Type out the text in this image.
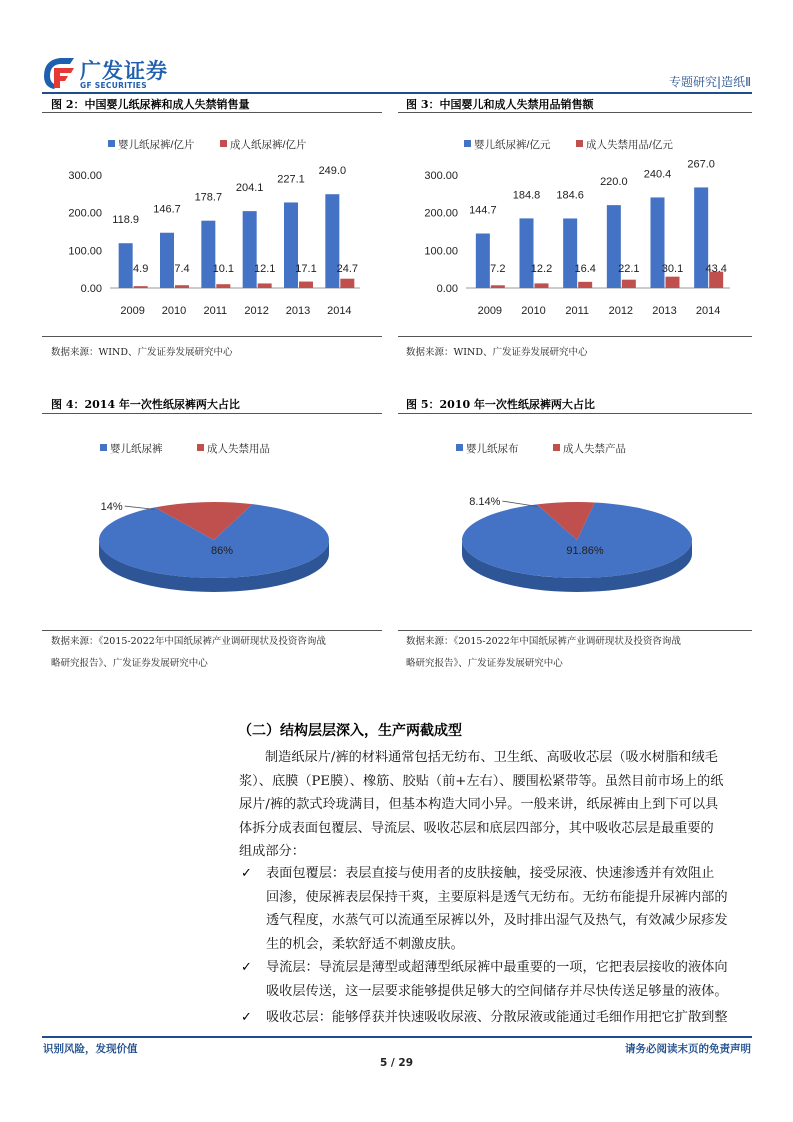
广发证券
GF SECURITIES	专题研究|造纸Ⅱ
图 2：中国婴儿纸尿裤和成人失禁销售量
婴儿纸尿裤/亿片	成人纸尿裤/亿片
0.00
100.00
200.00
300.00
118.9
4.9
2009
146.7
7.4
2010
178.7
10.1
2011
204.1
12.1
2012
227.1
17.1
2013
249.0
24.7
2014
数据来源：WIND、广发证券发展研究中心
图 3：中国婴儿和成人失禁用品销售额
婴儿纸尿裤/亿元	成人失禁用品/亿元
0.00
100.00
200.00
300.00
144.7
7.2
2009
184.8
12.2
2010
184.6
16.4
2011
220.0
22.1
2012
240.4
30.1
2013
267.0
43.4
2014
数据来源：WIND、广发证券发展研究中心
图 4：2014 年一次性纸尿裤两大占比
婴儿纸尿裤	成人失禁用品
86%
14%
数据来源：《2015-2022年中国纸尿裤产业调研现状及投资咨询战
略研究报告》、广发证券发展研究中心
图 5：2010 年一次性纸尿裤两大占比
婴儿纸尿布	成人失禁产品
91.86%
8.14%
数据来源：《2015-2022年中国纸尿裤产业调研现状及投资咨询战
略研究报告》、广发证券发展研究中心
（二）结构层层深入，生产两截成型
制造纸尿片/裤的材料通常包括无纺布、卫生纸、高吸收芯层（吸水树脂和绒毛
浆）、底膜（PE膜）、橡筋、胶贴（前+左右）、腰围松紧带等。虽然目前市场上的纸
尿片/裤的款式玲珑满目，但基本构造大同小异。一般来讲，纸尿裤由上到下可以具
体拆分成表面包覆层、导流层、吸收芯层和底层四部分，其中吸收芯层是最重要的
组成部分：
✓ 表面包覆层：表层直接与使用者的皮肤接触，接受尿液、快速渗透并有效阻止
回渗，使尿裤表层保持干爽，主要原料是透气无纺布。无纺布能提升尿裤内部的
透气程度，水蒸气可以流通至尿裤以外，及时排出湿气及热气，有效减少尿疹发
生的机会，柔软舒适不刺激皮肤。
✓ 导流层：导流层是薄型或超薄型纸尿裤中最重要的一项，它把表层接收的液体向
吸收层传送，这一层要求能够提供足够大的空间储存并尽快传送足够量的液体。
✓ 吸收芯层：能够俘获并快速吸收尿液、分散尿液或能通过毛细作用把它扩散到整
识别风险，发现价值	请务必阅读末页的免责声明
5 / 29
